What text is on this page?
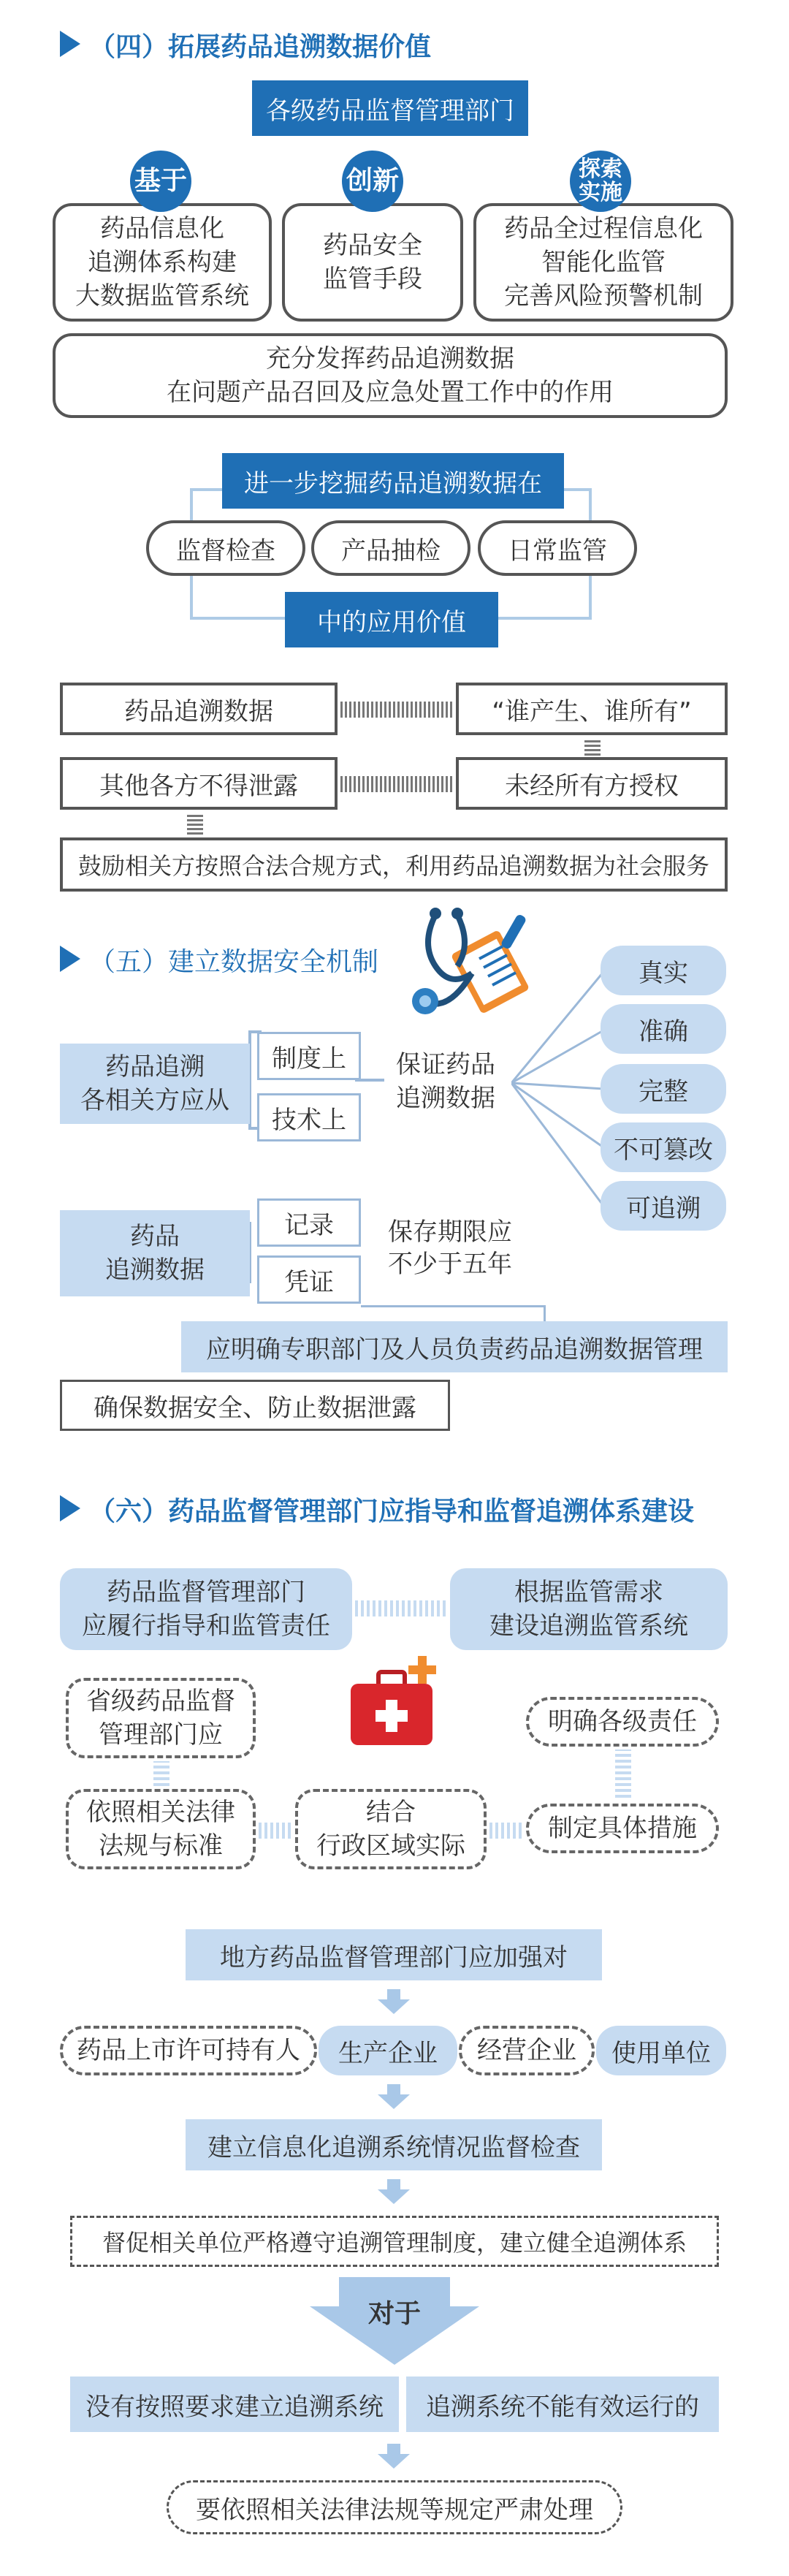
（四）拓展药品追溯数据价值
各级药品监督管理部门
药品信息化
追溯体系构建
大数据监管系统
药品安全
监管手段
药品全过程信息化
智能化监管
完善风险预警机制
基于	创新	探索
实施
充分发挥药品追溯数据
在问题产品召回及应急处置工作中的作用
进一步挖掘药品追溯数据在
监督检查	产品抽检	日常监管
中的应用价值
药品追溯数据	“谁产生、谁所有”
其他各方不得泄露	未经所有方授权
鼓励相关方按照合法合规方式，利用药品追溯数据为社会服务
（五）建立数据安全机制
药品追溯
各相关方应从
制度上
技术上
保证药品
追溯数据
真实
准确
完整
不可篡改
可追溯
药品
追溯数据
记录
凭证
保存期限应
不少于五年
应明确专职部门及人员负责药品追溯数据管理
确保数据安全、防止数据泄露
（六）药品监督管理部门应指导和监督追溯体系建设
药品监督管理部门
应履行指导和监管责任
根据监管需求
建设追溯监管系统
省级药品监督
管理部门应	明确各级责任
依照相关法律
法规与标准
结合
行政区域实际
制定具体措施
地方药品监督管理部门应加强对
药品上市许可持有人	生产企业	经营企业	使用单位
建立信息化追溯系统情况监督检查
督促相关单位严格遵守追溯管理制度，建立健全追溯体系
对于
没有按照要求建立追溯系统	追溯系统不能有效运行的
要依照相关法律法规等规定严肃处理
